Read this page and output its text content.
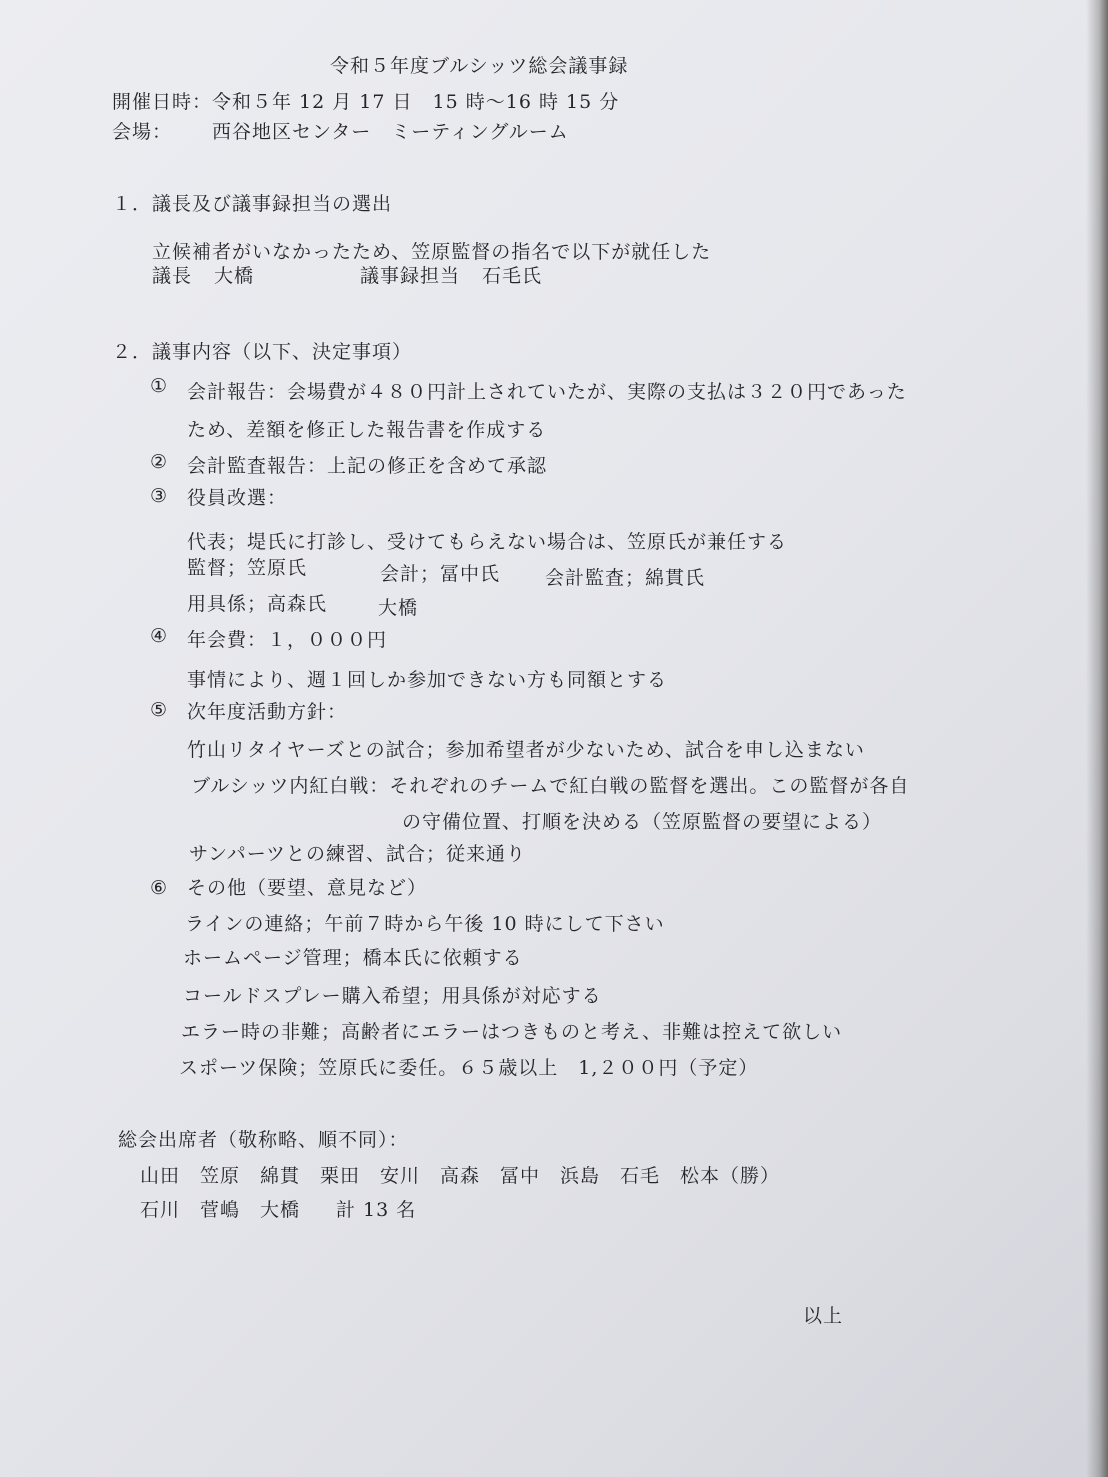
令和５年度ブルシッツ総会議事録
開催日時：令和５年 12 月 17 日　15 時〜16 時 15 分
会場： 西谷地区センター　ミーティングルーム
１．議長及び議事録担当の選出
立候補者がいなかったため、笠原監督の指名で以下が就任した
議長 大橋	議事録担当 石毛氏
２．議事内容（以下、決定事項）
① 会計報告：会場費が４８０円計上されていたが、実際の支払は３２０円であった
ため、差額を修正した報告書を作成する
② 会計監査報告：上記の修正を含めて承認
③ 役員改選：
代表；堤氏に打診し、受けてもらえない場合は、笠原氏が兼任する
監督；笠原氏	会計；冨中氏 会計監査；綿貫氏
用具係；高森氏	大橋
④ 年会費：１，０００円
事情により、週１回しか参加できない方も同額とする
⑤ 次年度活動方針：
竹山リタイヤーズとの試合；参加希望者が少ないため、試合を申し込まない
ブルシッツ内紅白戦：それぞれのチームで紅白戦の監督を選出。この監督が各自
の守備位置、打順を決める（笠原監督の要望による）
サンパーツとの練習、試合；従来通り
⑥ その他（要望、意見など）
ラインの連絡；午前７時から午後 10 時にして下さい
ホームページ管理；橋本氏に依頼する
コールドスプレー購入希望；用具係が対応する
エラー時の非難；高齢者にエラーはつきものと考え、非難は控えて欲しい
スポーツ保険；笠原氏に委任。６５歳以上　1,２００円（予定）
総会出席者（敬称略、順不同）：
山田　笠原　綿貫　栗田　安川　高森　冨中　浜島　石毛　松本（勝）
石川　菅嶋　大橋 計 13 名
以上
